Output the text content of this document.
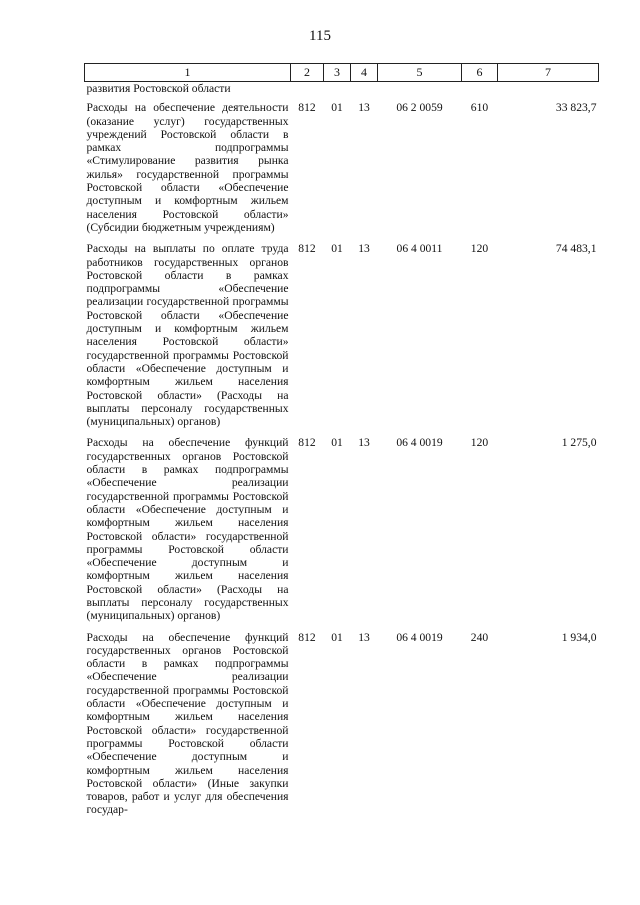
115
1	2	3	4	5	6	7
развития Ростовской области						
Расходы на обеспечение деятельности (оказание услуг) государственных учреждений Ростовской области в рамках подпрограммы «Стимулирование развития рынка жилья» государственной программы Ростовской области «Обеспечение доступным и комфортным жильем населения Ростовской области» (Субсидии бюджетным учреждениям)	812	01	13	06 2 0059	610	33 823,7
Расходы на выплаты по оплате труда работников государственных органов Ростовской области в рамках подпрограммы «Обеспечение реализации государственной программы Ростовской области «Обеспечение доступным и комфортным жильем населения Ростовской области» государственной программы Ростовской области «Обеспечение доступным и комфортным жильем населения Ростовской области» (Расходы на выплаты персоналу государственных (муниципальных) органов)	812	01	13	06 4 0011	120	74 483,1
Расходы на обеспечение функций государственных органов Ростовской области в рамках подпрограммы «Обеспечение реализации государственной программы Ростовской области «Обеспечение доступным и комфортным жильем населения Ростовской области» государственной программы Ростовской области «Обеспечение доступным и комфортным жильем населения Ростовской области» (Расходы на выплаты персоналу государственных (муниципальных) органов)	812	01	13	06 4 0019	120	1 275,0
Расходы на обеспечение функций государственных органов Ростовской области в рамках подпрограммы «Обеспечение реализации государственной программы Ростовской области «Обеспечение доступным и комфортным жильем населения Ростовской области» государственной программы Ростовской области «Обеспечение доступным и комфортным жильем населения Ростовской области» (Иные закупки товаров, работ и услуг для обеспечения государ-	812	01	13	06 4 0019	240	1 934,0
